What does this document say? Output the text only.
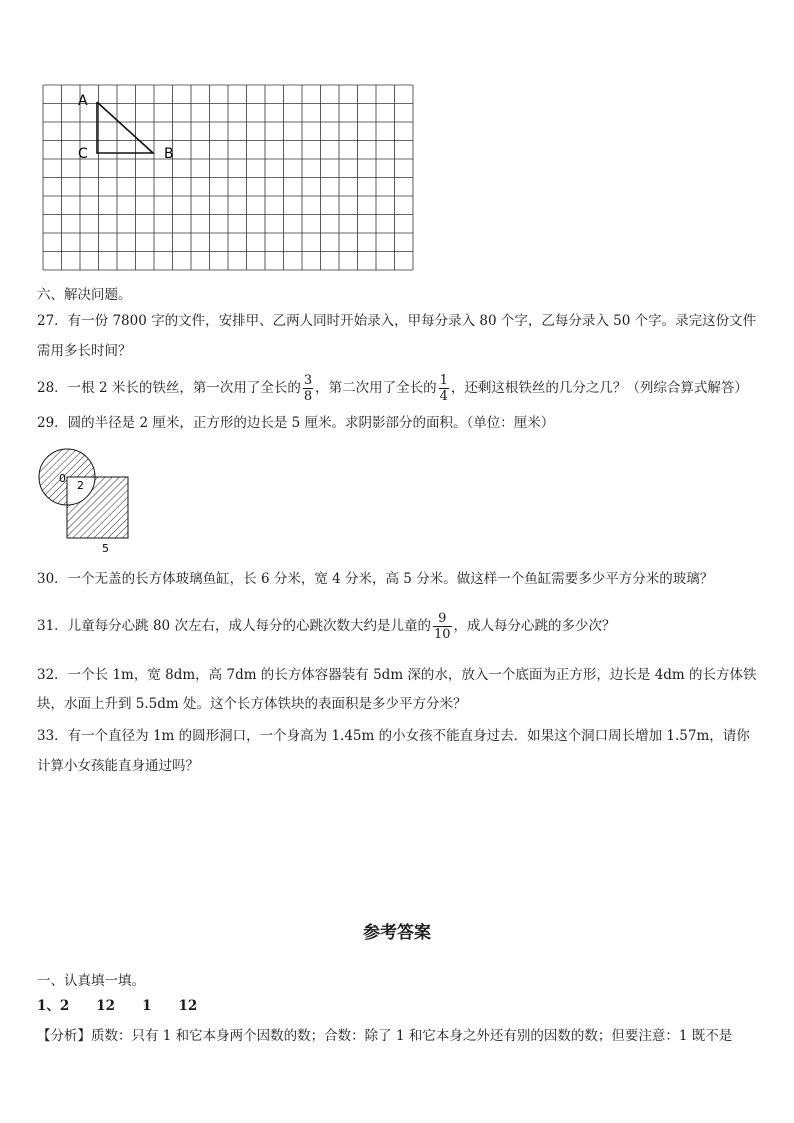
A
C	B
六、解决问题。
27．有一份 7800 字的文件，安排甲、乙两人同时开始录入，甲每分录入 80 个字，乙每分录入 50 个字。录完这份文件
需用多长时间？
28．一根 2 米长的铁丝，第一次用了全长的 $\frac{3}{8}$ ，第二次用了全长的 $\frac{1}{4}$ ，还剩这根铁丝的几分之几？（列综合算式解答）
29．圆的半径是 2 厘米，正方形的边长是 5 厘米。求阴影部分的面积。（单位：厘米）
0
2
5
30．一个无盖的长方体玻璃鱼缸，长 6 分米，宽 4 分米，高 5 分米。做这样一个鱼缸需要多少平方分米的玻璃？
31．儿童每分心跳 80 次左右，成人每分的心跳次数大约是儿童的 $\frac{9}{10}$ ，成人每分心跳的多少次？
32．一个长 1m，宽 8dm，高 7dm 的长方体容器装有 5dm 深的水，放入一个底面为正方形，边长是 4dm 的长方体铁
块，水面上升到 5.5dm 处。这个长方体铁块的表面积是多少平方分米？
33．有一个直径为 1m 的圆形洞口，一个身高为 1.45m 的小女孩不能直身过去．如果这个洞口周长增加 1.57m，请你
计算小女孩能直身通过吗？
参考答案
一、认真填一填。
1、2　　12　　1　　12
【分析】质数：只有 1 和它本身两个因数的数；合数：除了 1 和它本身之外还有别的因数的数；但要注意：1 既不是
